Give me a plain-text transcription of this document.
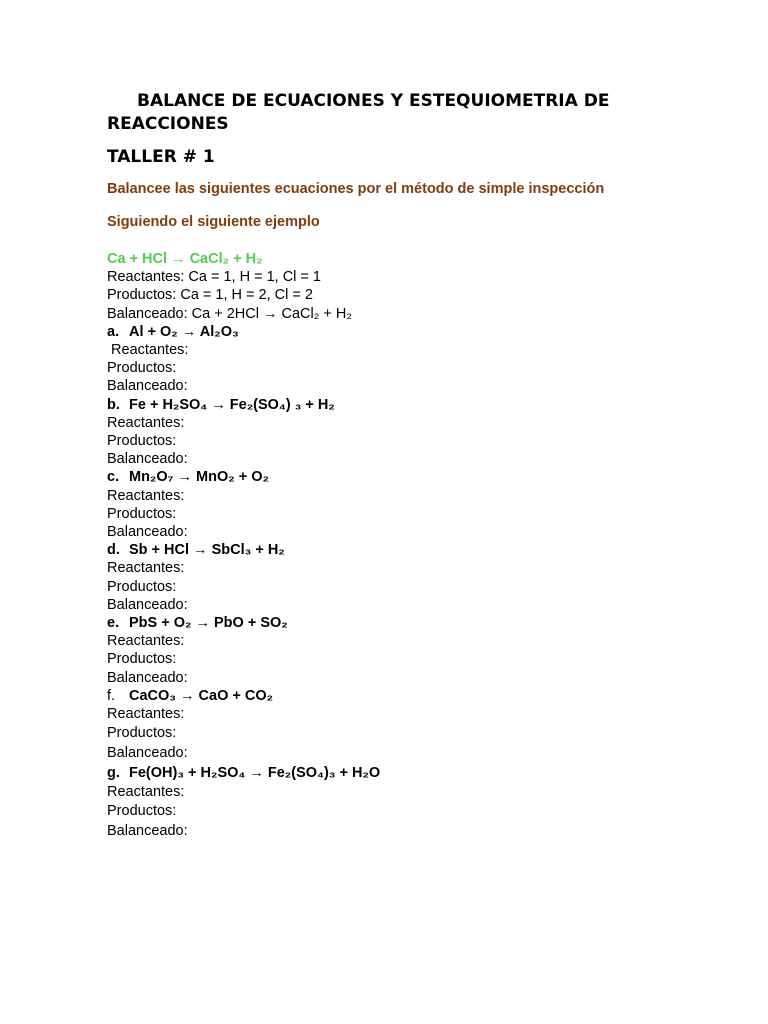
BALANCE DE ECUACIONES Y ESTEQUIOMETRIA DE REACCIONES
TALLER # 1

Balancee las siguientes ecuaciones por el método de simple inspección

Siguiendo el siguiente ejemplo

Ca + HCl → CaCl₂ + H₂

Reactantes: Ca = 1, H = 1, Cl = 1

Productos: Ca = 1, H = 2, Cl = 2

Balanceado: Ca + 2HCl → CaCl₂ + H₂

a. Al + O₂ → Al₂O₃

Reactantes:

Productos:

Balanceado:

b. Fe + H₂SO₄ → Fe₂(SO₄) ₃ + H₂

Reactantes:

Productos:

Balanceado:

c. Mn₂O₇ → MnO₂ + O₂

Reactantes:

Productos:

Balanceado:

d. Sb + HCl → SbCl₃ + H₂

Reactantes:

Productos:

Balanceado:

e. PbS + O₂ → PbO + SO₂

Reactantes:

Productos:

Balanceado:

f. CaCO₃ → CaO + CO₂

Reactantes:

Productos:

Balanceado:

g. Fe(OH)₃ + H₂SO₄ → Fe₂(SO₄)₃ + H₂O

Reactantes:

Productos:

Balanceado:
